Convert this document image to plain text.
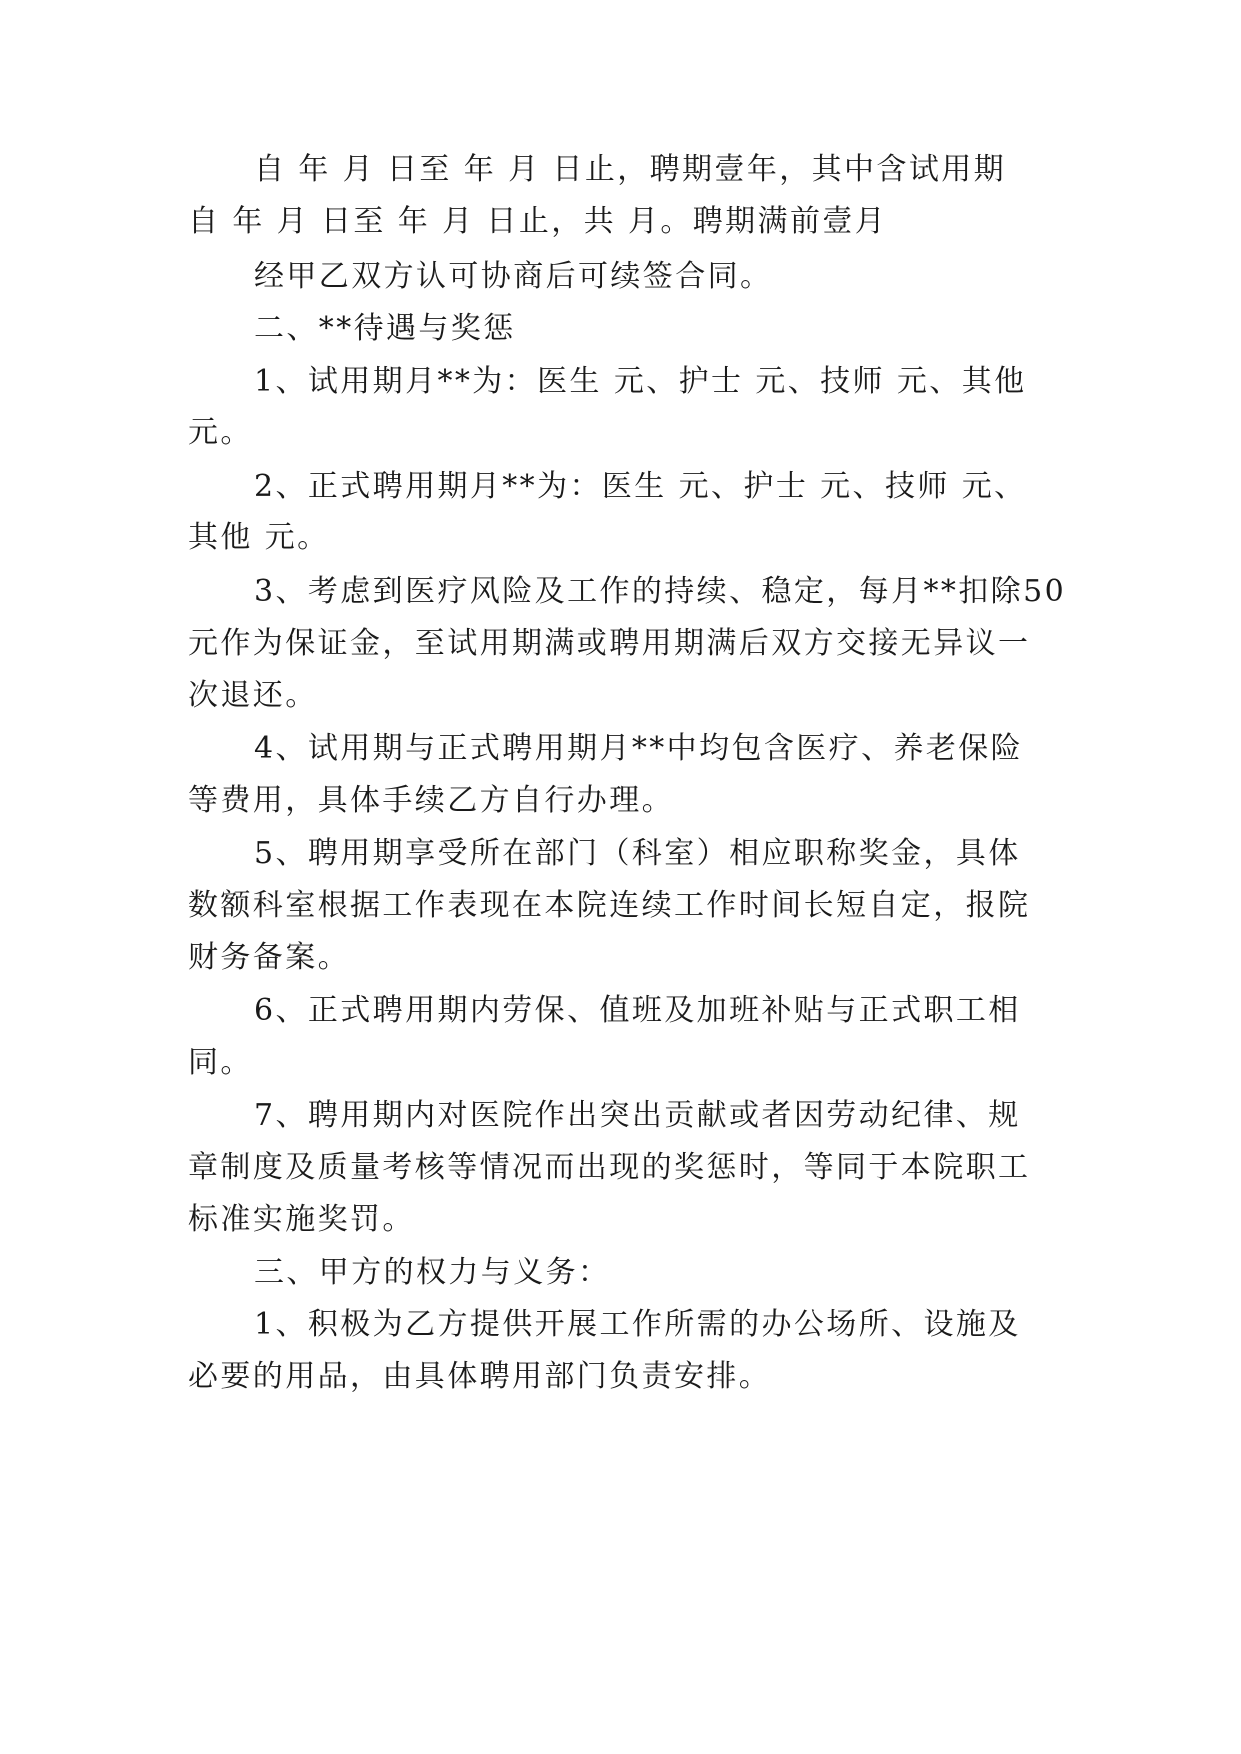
自 年 月 日至 年 月 日止，聘期壹年，其中含试用期
自 年 月 日至 年 月 日止，共 月。聘期满前壹月
经甲乙双方认可协商后可续签合同。
二、**待遇与奖惩
1、试用期月**为：医生 元、护士 元、技师 元、其他
元。
2、正式聘用期月**为：医生 元、护士 元、技师 元、
其他 元。
3、考虑到医疗风险及工作的持续、稳定，每月**扣除50
元作为保证金，至试用期满或聘用期满后双方交接无异议一
次退还。
4、试用期与正式聘用期月**中均包含医疗、养老保险
等费用，具体手续乙方自行办理。
5、聘用期享受所在部门（科室）相应职称奖金，具体
数额科室根据工作表现在本院连续工作时间长短自定，报院
财务备案。
6、正式聘用期内劳保、值班及加班补贴与正式职工相
同。
7、聘用期内对医院作出突出贡献或者因劳动纪律、规
章制度及质量考核等情况而出现的奖惩时，等同于本院职工
标准实施奖罚。
三、甲方的权力与义务：
1、积极为乙方提供开展工作所需的办公场所、设施及
必要的用品，由具体聘用部门负责安排。
